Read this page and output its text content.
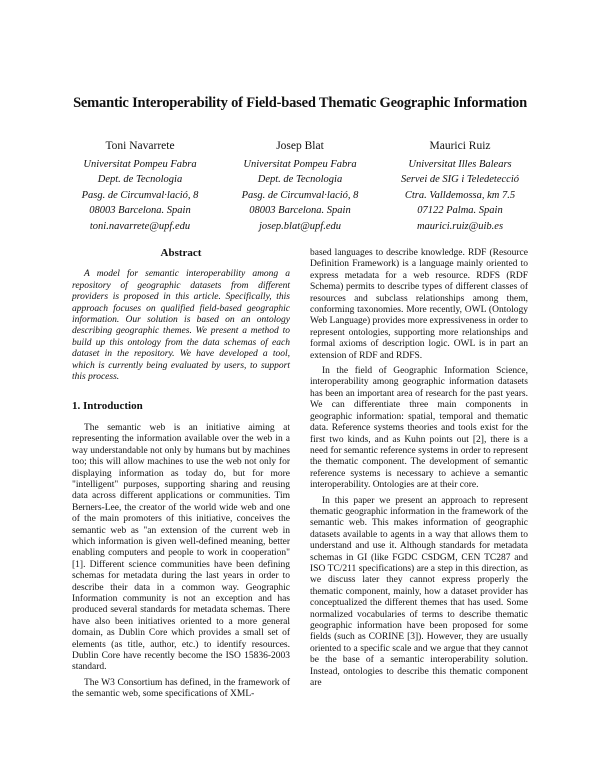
Semantic Interoperability of Field-based Thematic Geographic Information
Toni Navarrete
Universitat Pompeu Fabra
Dept. de Tecnologia
Pasg. de Circumval·lació, 8
08003 Barcelona. Spain
toni.navarrete@upf.edu
Josep Blat
Universitat Pompeu Fabra
Dept. de Tecnologia
Pasg. de Circumval·lació, 8
08003 Barcelona. Spain
josep.blat@upf.edu
Maurici Ruiz
Universitat Illes Balears
Servei de SIG i Teledetecció
Ctra. Valldemossa, km 7.5
07122 Palma. Spain
maurici.ruiz@uib.es
Abstract

A model for semantic interoperability among a repository of geographic datasets from different providers is proposed in this article. Specifically, this approach focuses on qualified field-based geographic information. Our solution is based on an ontology describing geographic themes. We present a method to build up this ontology from the data schemas of each dataset in the repository. We have developed a tool, which is currently being evaluated by users, to support this process.

1. Introduction

The semantic web is an initiative aiming at representing the information available over the web in a way understandable not only by humans but by machines too; this will allow machines to use the web not only for displaying information as today do, but for more "intelligent" purposes, supporting sharing and reusing data across different applications or communities. Tim Berners-Lee, the creator of the world wide web and one of the main promoters of this initiative, conceives the semantic web as "an extension of the current web in which information is given well-defined meaning, better enabling computers and people to work in cooperation" [1]. Different science communities have been defining schemas for metadata during the last years in order to describe their data in a common way. Geographic Information community is not an exception and has produced several standards for metadata schemas. There have also been initiatives oriented to a more general domain, as Dublin Core which provides a small set of elements (as title, author, etc.) to identify resources. Dublin Core have recently become the ISO 15836-2003 standard.

The W3 Consortium has defined, in the framework of the semantic web, some specifications of XML-

based languages to describe knowledge. RDF (Resource Definition Framework) is a language mainly oriented to express metadata for a web resource. RDFS (RDF Schema) permits to describe types of different classes of resources and subclass relationships among them, conforming taxonomies. More recently, OWL (Ontology Web Language) provides more expressiveness in order to represent ontologies, supporting more relationships and formal axioms of description logic. OWL is in part an extension of RDF and RDFS.

In the field of Geographic Information Science, interoperability among geographic information datasets has been an important area of research for the past years. We can differentiate three main components in geographic information: spatial, temporal and thematic data. Reference systems theories and tools exist for the first two kinds, and as Kuhn points out [2], there is a need for semantic reference systems in order to represent the thematic component. The development of semantic reference systems is necessary to achieve a semantic interoperability. Ontologies are at their core.

In this paper we present an approach to represent thematic geographic information in the framework of the semantic web. This makes information of geographic datasets available to agents in a way that allows them to understand and use it. Although standards for metadata schemas in GI (like FGDC CSDGM, CEN TC287 and ISO TC/211 specifications) are a step in this direction, as we discuss later they cannot express properly the thematic component, mainly, how a dataset provider has conceptualized the different themes that has used. Some normalized vocabularies of terms to describe thematic geographic information have been proposed for some fields (such as CORINE [3]). However, they are usually oriented to a specific scale and we argue that they cannot be the base of a semantic interoperability solution. Instead, ontologies to describe this thematic component are
